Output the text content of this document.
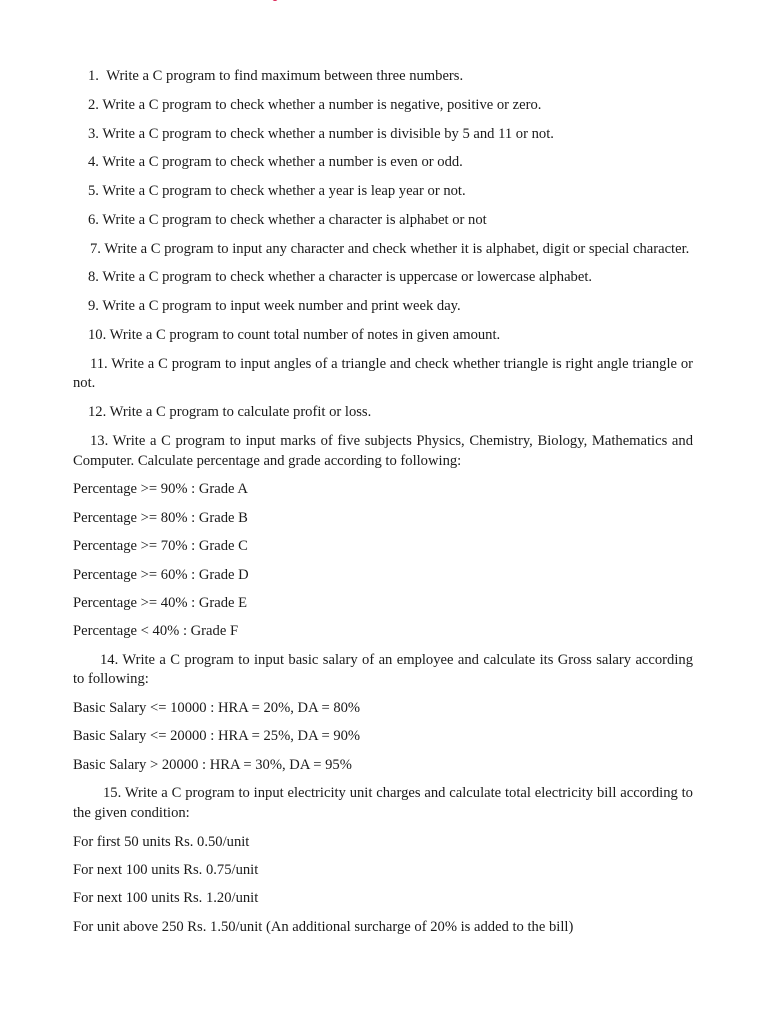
1. Write a C program to find maximum between three numbers.

2. Write a C program to check whether a number is negative, positive or zero.

3. Write a C program to check whether a number is divisible by 5 and 11 or not.

4. Write a C program to check whether a number is even or odd.

5. Write a C program to check whether a year is leap year or not.

6. Write a C program to check whether a character is alphabet or not

7. Write a C program to input any character and check whether it is alphabet, digit or special character.

8. Write a C program to check whether a character is uppercase or lowercase alphabet.

9. Write a C program to input week number and print week day.

10. Write a C program to count total number of notes in given amount.

11. Write a C program to input angles of a triangle and check whether triangle is right angle triangle or not.

12. Write a C program to calculate profit or loss.

13. Write a C program to input marks of five subjects Physics, Chemistry, Biology, Mathematics and Computer. Calculate percentage and grade according to following:

Percentage >= 90% : Grade A

Percentage >= 80% : Grade B

Percentage >= 70% : Grade C

Percentage >= 60% : Grade D

Percentage >= 40% : Grade E

Percentage < 40% : Grade F

14. Write a C program to input basic salary of an employee and calculate its Gross salary according to following:

Basic Salary <= 10000 : HRA = 20%, DA = 80%

Basic Salary <= 20000 : HRA = 25%, DA = 90%

Basic Salary > 20000 : HRA = 30%, DA = 95%

15. Write a C program to input electricity unit charges and calculate total electricity bill according to the given condition:

For first 50 units Rs. 0.50/unit

For next 100 units Rs. 0.75/unit

For next 100 units Rs. 1.20/unit

For unit above 250 Rs. 1.50/unit (An additional surcharge of 20% is added to the bill)
